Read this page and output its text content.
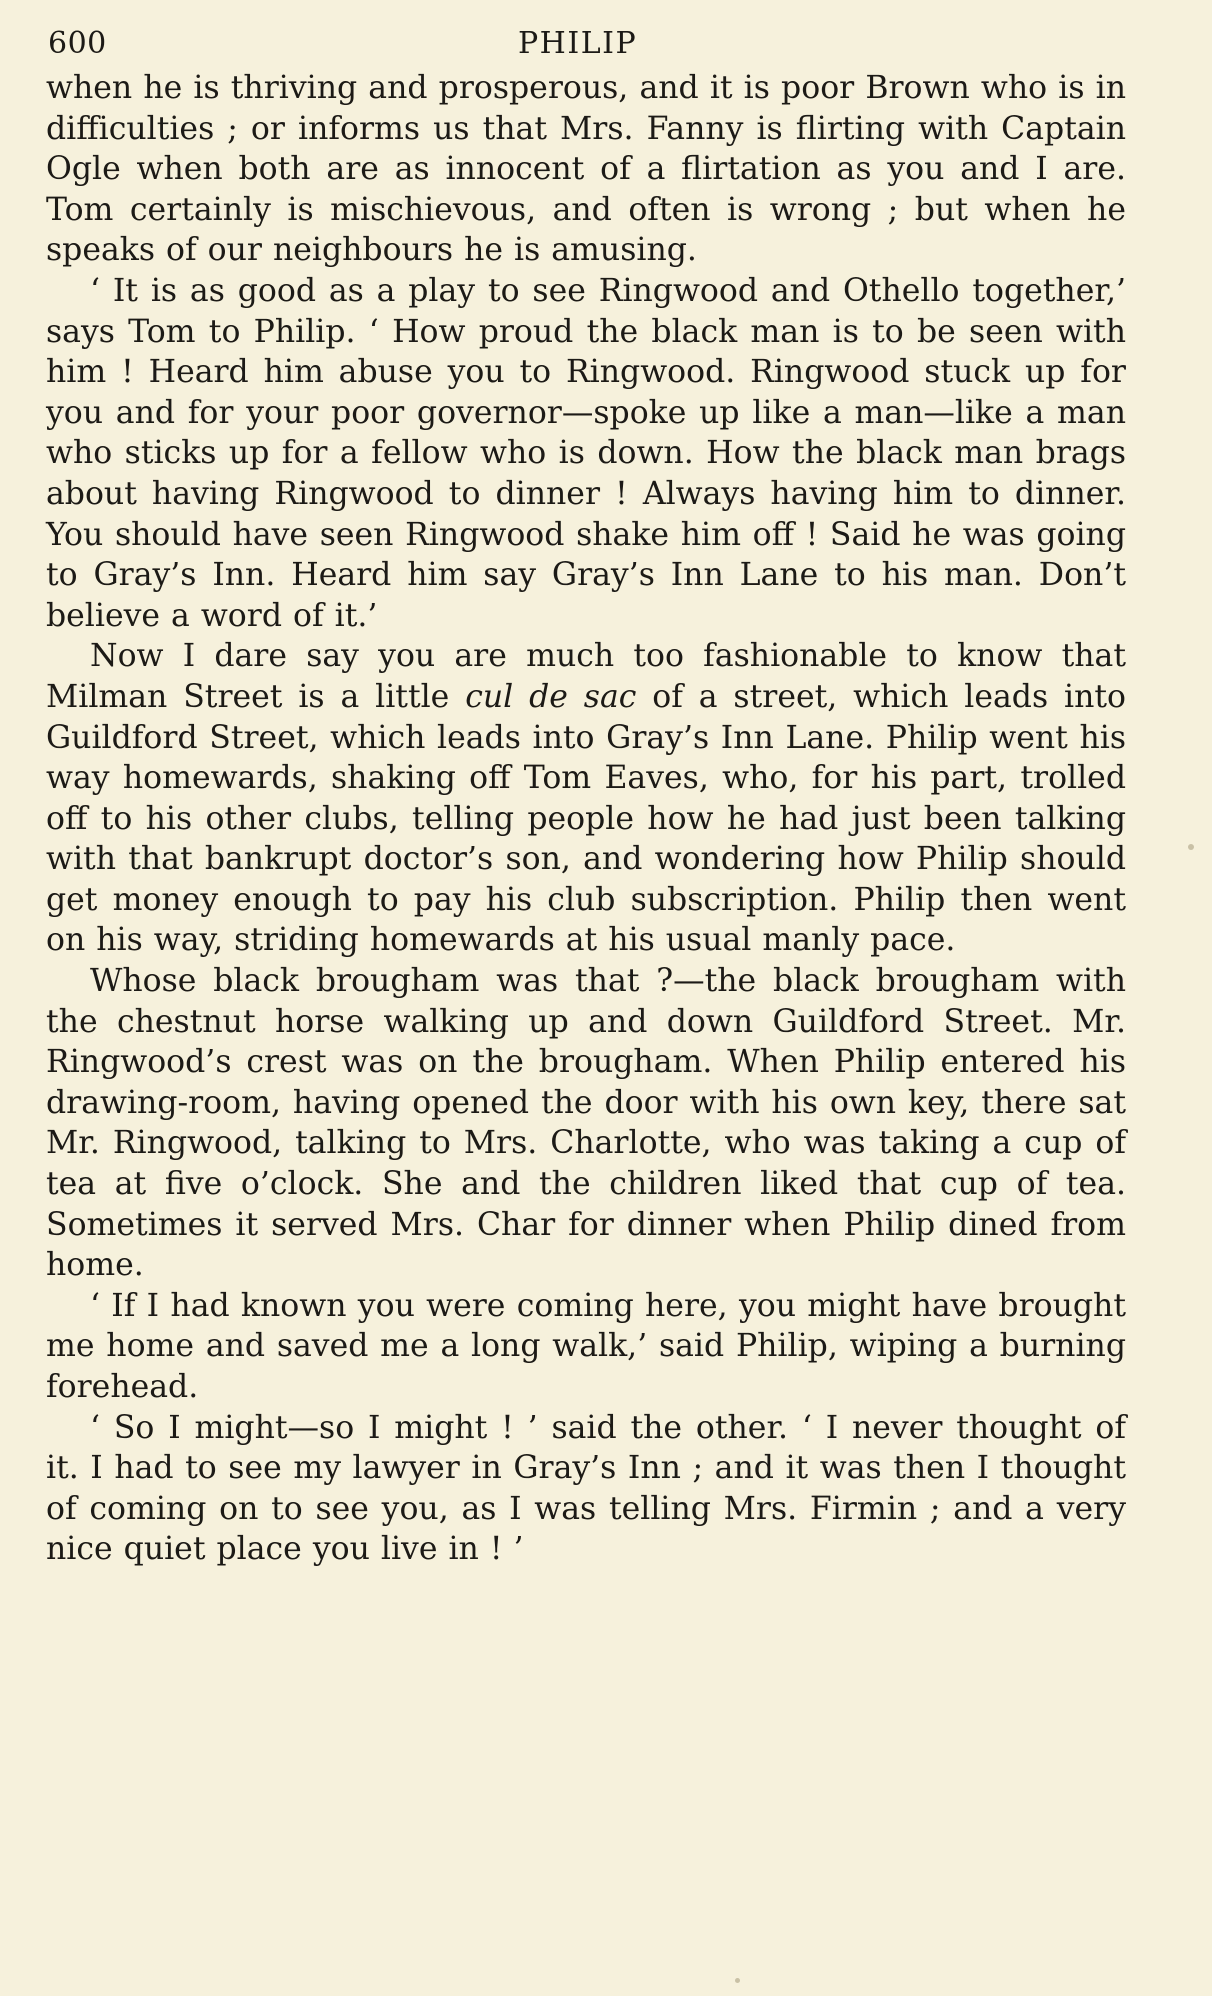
600	PHILIP

when he is thriving and prosperous, and it is poor Brown who is in difficulties ; or informs us that Mrs. Fanny is flirting with Captain Ogle when both are as innocent of a flirtation as you and I are. Tom certainly is mischievous, and often is wrong ; but when he speaks of our neighbours he is amusing.

‘ It is as good as a play to see Ringwood and Othello together,’ says Tom to Philip. ‘ How proud the black man is to be seen with him ! Heard him abuse you to Ringwood. Ringwood stuck up for you and for your poor governor—spoke up like a man—like a man who sticks up for a fellow who is down. How the black man brags about having Ringwood to dinner ! Always having him to dinner. You should have seen Ringwood shake him off ! Said he was going to Gray’s Inn. Heard him say Gray’s Inn Lane to his man. Don’t believe a word of it.’

Now I dare say you are much too fashionable to know that Milman Street is a little cul de sac of a street, which leads into Guildford Street, which leads into Gray’s Inn Lane. Philip went his way homewards, shaking off Tom Eaves, who, for his part, trolled off to his other clubs, telling people how he had just been talking with that bankrupt doctor’s son, and wondering how Philip should get money enough to pay his club subscription. Philip then went on his way, striding homewards at his usual manly pace.

Whose black brougham was that ?—the black brougham with the chestnut horse walking up and down Guildford Street. Mr. Ringwood’s crest was on the brougham. When Philip entered his drawing-room, having opened the door with his own key, there sat Mr. Ringwood, talking to Mrs. Charlotte, who was taking a cup of tea at five o’clock. She and the children liked that cup of tea. Sometimes it served Mrs. Char for dinner when Philip dined from home.

‘ If I had known you were coming here, you might have brought me home and saved me a long walk,’ said Philip, wiping a burning forehead.

‘ So I might—so I might ! ’ said the other. ‘ I never thought of it. I had to see my lawyer in Gray’s Inn ; and it was then I thought of coming on to see you, as I was telling Mrs. Firmin ; and a very nice quiet place you live in ! ’
